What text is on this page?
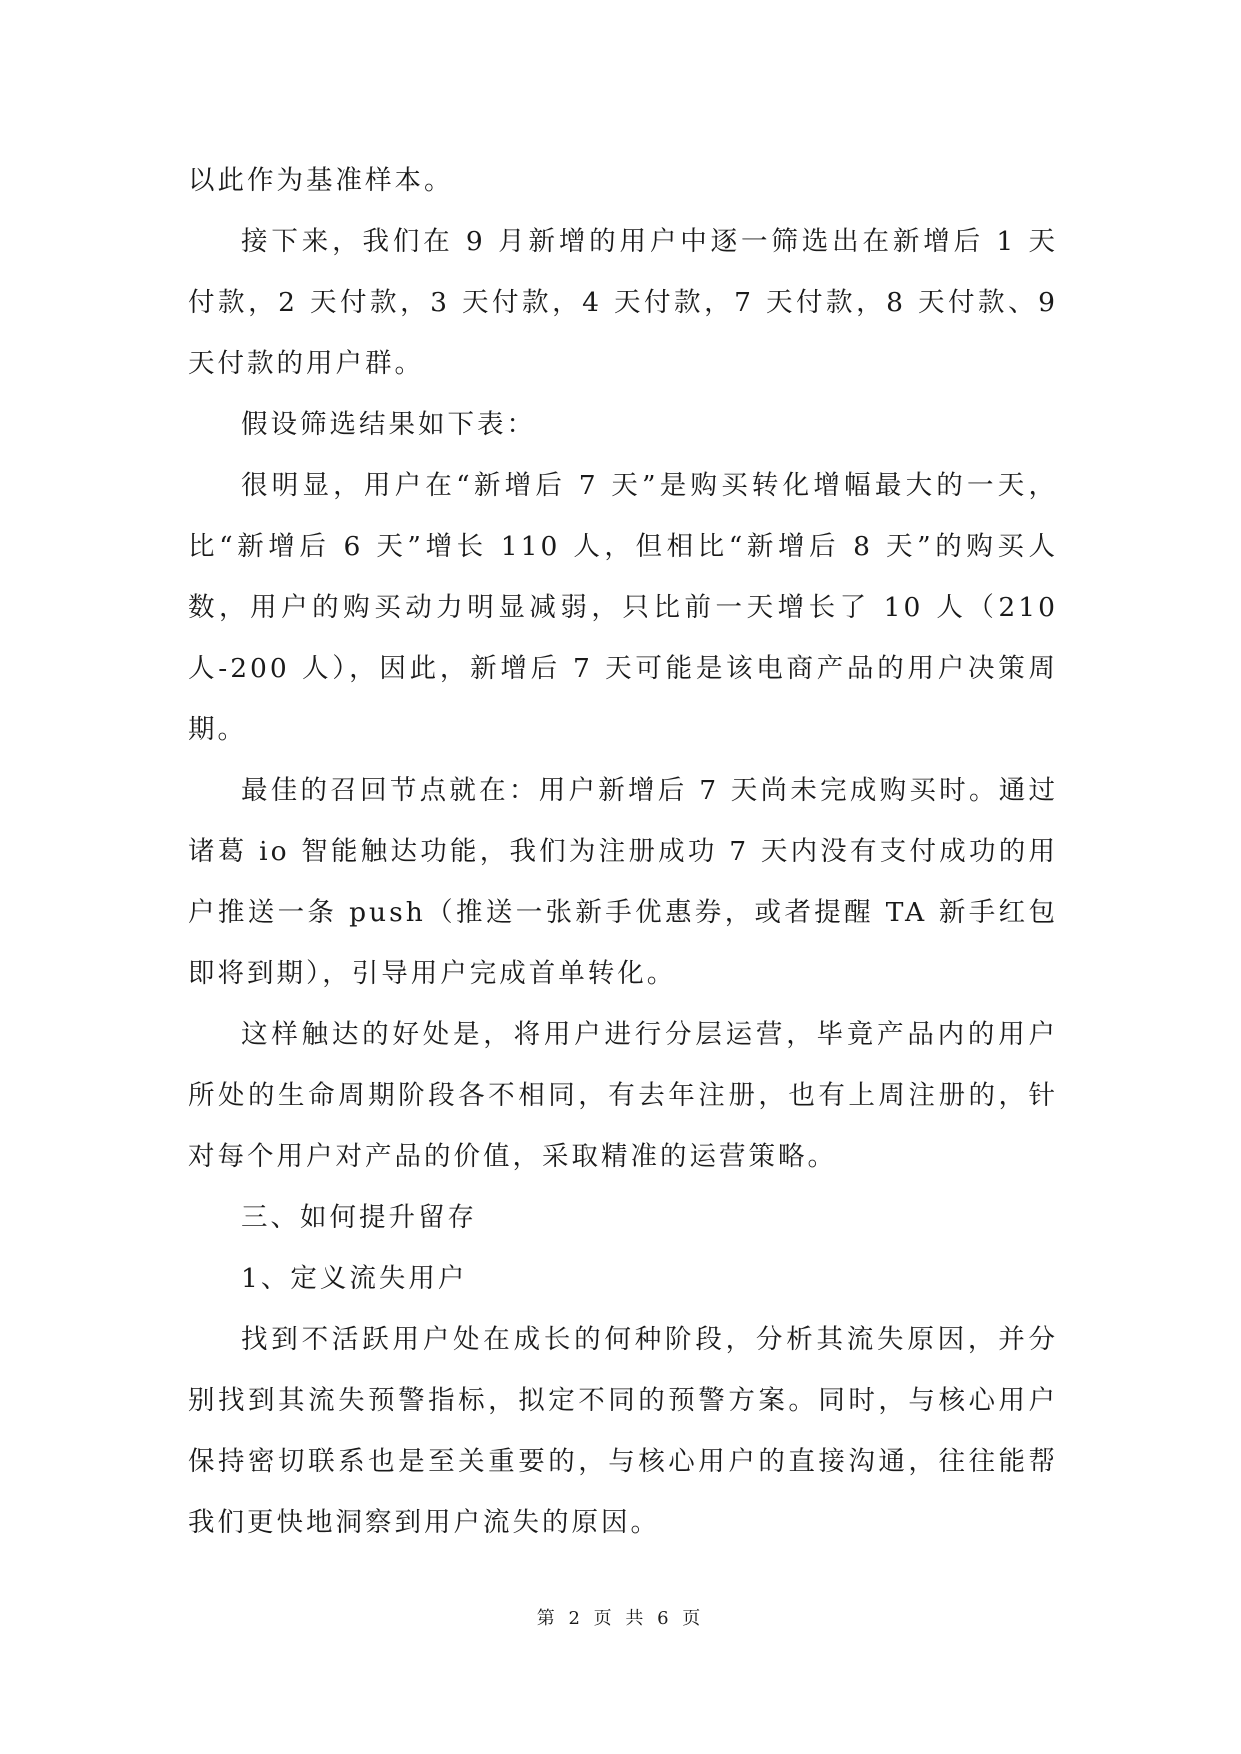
以此作为基准样本。

接下来，我们在 9 月新增的用户中逐一筛选出在新增后 1 天付款，2 天付款，3 天付款，4 天付款，7 天付款，8 天付款、9 天付款的用户群。

假设筛选结果如下表：

很明显，用户在“新增后 7 天”是购买转化增幅最大的一天，比“新增后 6 天”增长 110 人，但相比“新增后 8 天”的购买人数，用户的购买动力明显减弱，只比前一天增长了 10 人（210 人-200 人），因此，新增后 7 天可能是该电商产品的用户决策周期。

最佳的召回节点就在：用户新增后 7 天尚未完成购买时。通过诸葛 io 智能触达功能，我们为注册成功 7 天内没有支付成功的用户推送一条 push（推送一张新手优惠券，或者提醒 TA 新手红包即将到期），引导用户完成首单转化。

这样触达的好处是，将用户进行分层运营，毕竟产品内的用户所处的生命周期阶段各不相同，有去年注册，也有上周注册的，针对每个用户对产品的价值，采取精准的运营策略。

三、如何提升留存

1、定义流失用户

找到不活跃用户处在成长的何种阶段，分析其流失原因，并分别找到其流失预警指标，拟定不同的预警方案。同时，与核心用户保持密切联系也是至关重要的，与核心用户的直接沟通，往往能帮我们更快地洞察到用户流失的原因。

第 2 页 共 6 页
